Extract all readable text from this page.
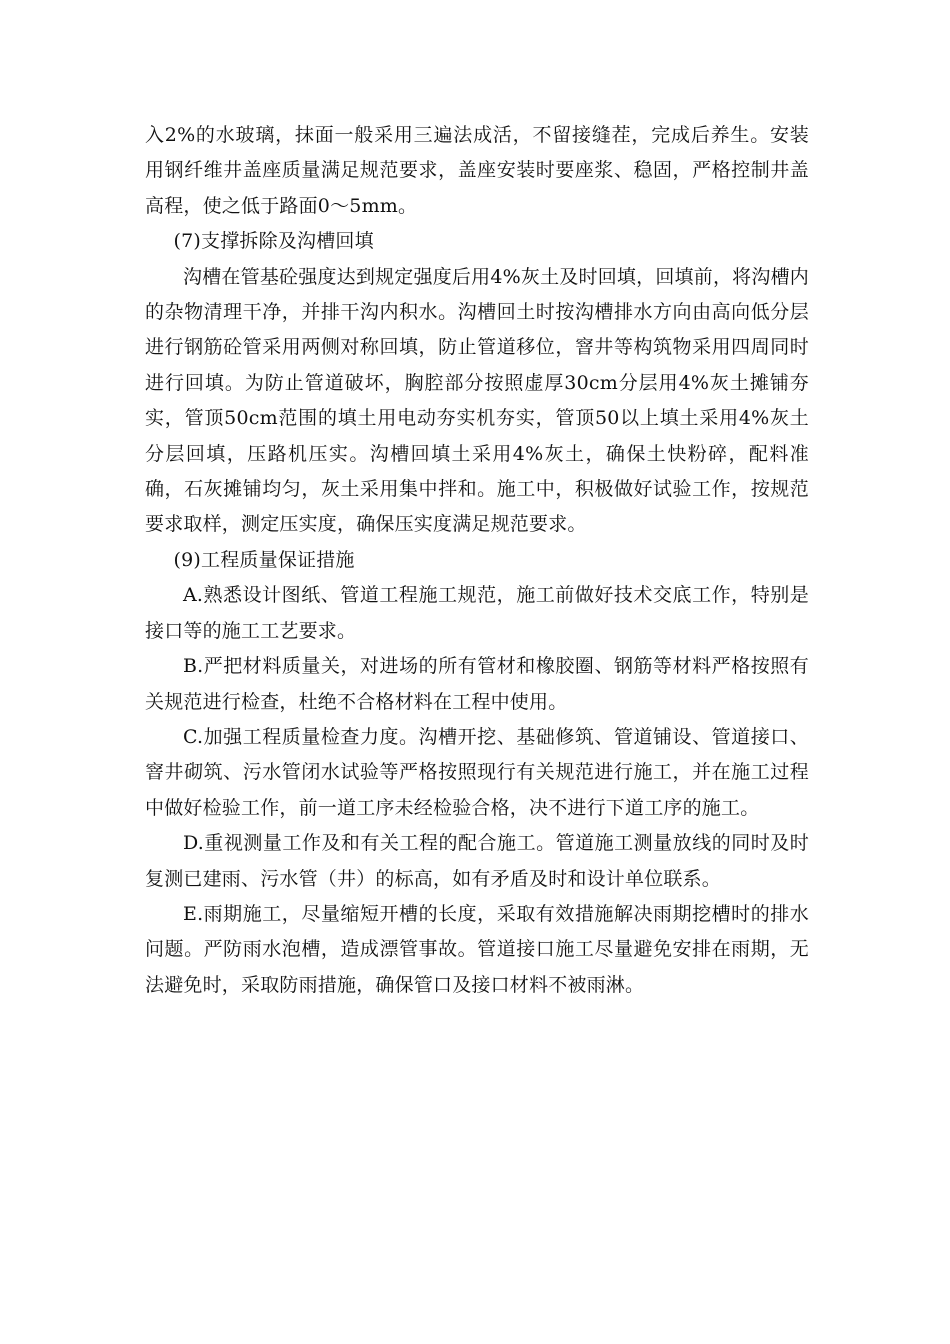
入2%的水玻璃，抹面一般采用三遍法成活，不留接缝茬，完成后养生。安装用钢纤维井盖座质量满足规范要求，盖座安装时要座浆、稳固，严格控制井盖高程，使之低于路面0～5mm。

(7)支撑拆除及沟槽回填

沟槽在管基砼强度达到规定强度后用4%灰土及时回填，回填前，将沟槽内的杂物清理干净，并排干沟内积水。沟槽回土时按沟槽排水方向由高向低分层进行钢筋砼管采用两侧对称回填，防止管道移位，窨井等构筑物采用四周同时进行回填。为防止管道破坏，胸腔部分按照虚厚30cm分层用4%灰土摊铺夯实，管顶50cm范围的填土用电动夯实机夯实，管顶50以上填土采用4%灰土分层回填，压路机压实。沟槽回填土采用4%灰土，确保土快粉碎，配料准确，石灰摊铺均匀，灰土采用集中拌和。施工中，积极做好试验工作，按规范要求取样，测定压实度，确保压实度满足规范要求。

(9)工程质量保证措施

A.熟悉设计图纸、管道工程施工规范，施工前做好技术交底工作，特别是接口等的施工工艺要求。

B.严把材料质量关，对进场的所有管材和橡胶圈、钢筋等材料严格按照有关规范进行检查，杜绝不合格材料在工程中使用。

C.加强工程质量检查力度。沟槽开挖、基础修筑、管道铺设、管道接口、窨井砌筑、污水管闭水试验等严格按照现行有关规范进行施工，并在施工过程中做好检验工作，前一道工序未经检验合格，决不进行下道工序的施工。

D.重视测量工作及和有关工程的配合施工。管道施工测量放线的同时及时复测已建雨、污水管（井）的标高，如有矛盾及时和设计单位联系。

E.雨期施工，尽量缩短开槽的长度，采取有效措施解决雨期挖槽时的排水问题。严防雨水泡槽，造成漂管事故。管道接口施工尽量避免安排在雨期，无法避免时，采取防雨措施，确保管口及接口材料不被雨淋。
